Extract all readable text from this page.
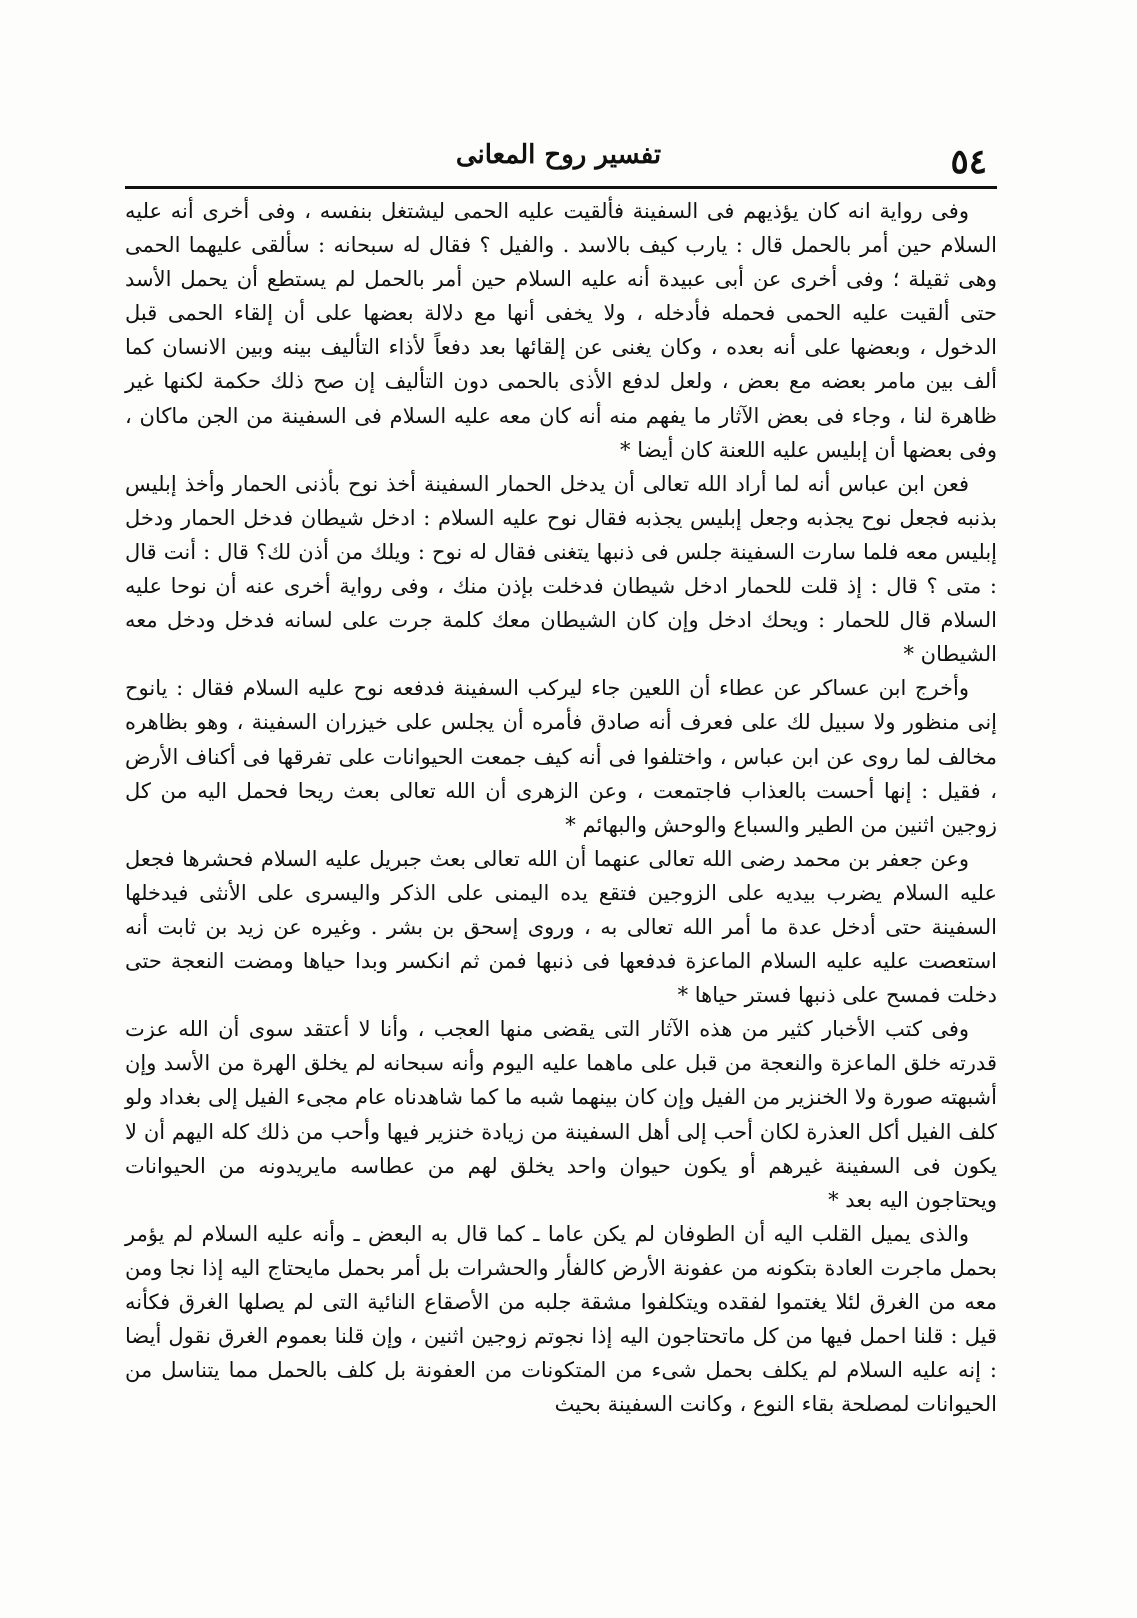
٥٤
تفسير روح المعانى

وفى رواية انه كان يؤذيهم فى السفينة فألقيت عليه الحمى ليشتغل بنفسه ، وفى أخرى أنه عليه السلام حين أمر بالحمل قال : يارب كيف بالاسد . والفيل ؟ فقال له سبحانه : سألقى عليهما الحمى وهى ثقيلة ؛ وفى أخرى عن أبى عبيدة أنه عليه السلام حين أمر بالحمل لم يستطع أن يحمل الأسد حتى ألقيت عليه الحمى فحمله فأدخله ، ولا يخفى أنها مع دلالة بعضها على أن إلقاء الحمى قبل الدخول ، وبعضها على أنه بعده ، وكان يغنى عن إلقائها بعد دفعاً لأذاء التأليف بينه وبين الانسان كما ألف بين مامر بعضه مع بعض ، ولعل لدفع الأذى بالحمى دون التأليف إن صح ذلك حكمة لكنها غير ظاهرة لنا ، وجاء فى بعض الآثار ما يفهم منه أنه كان معه عليه السلام فى السفينة من الجن ماكان ، وفى بعضها أن إبليس عليه اللعنة كان أيضا *

فعن ابن عباس أنه لما أراد الله تعالى أن يدخل الحمار السفينة أخذ نوح بأذنى الحمار وأخذ إبليس بذنبه فجعل نوح يجذبه وجعل إبليس يجذبه فقال نوح عليه السلام : ادخل شيطان فدخل الحمار ودخل إبليس معه فلما سارت السفينة جلس فى ذنبها يتغنى فقال له نوح : ويلك من أذن لك؟ قال : أنت قال : متى ؟ قال : إذ قلت للحمار ادخل شيطان فدخلت بإذن منك ، وفى رواية أخرى عنه أن نوحا عليه السلام قال للحمار : ويحك ادخل وإن كان الشيطان معك كلمة جرت على لسانه فدخل ودخل معه الشيطان *

وأخرج ابن عساكر عن عطاء أن اللعين جاء ليركب السفينة فدفعه نوح عليه السلام فقال : يانوح إنى منظور ولا سبيل لك على فعرف أنه صادق فأمره أن يجلس على خيزران السفينة ، وهو بظاهره مخالف لما روى عن ابن عباس ، واختلفوا فى أنه كيف جمعت الحيوانات على تفرقها فى أكناف الأرض ، فقيل : إنها أحست بالعذاب فاجتمعت ، وعن الزهرى أن الله تعالى بعث ريحا فحمل اليه من كل زوجين اثنين من الطير والسباع والوحش والبهائم *

وعن جعفر بن محمد رضى الله تعالى عنهما أن الله تعالى بعث جبريل عليه السلام فحشرها فجعل عليه السلام يضرب بيديه على الزوجين فتقع يده اليمنى على الذكر واليسرى على الأنثى فيدخلها السفينة حتى أدخل عدة ما أمر الله تعالى به ، وروى إسحق بن بشر . وغيره عن زيد بن ثابت أنه استعصت عليه عليه السلام الماعزة فدفعها فى ذنبها فمن ثم انكسر وبدا حياها ومضت النعجة حتى دخلت فمسح على ذنبها فستر حياها *

وفى كتب الأخبار كثير من هذه الآثار التى يقضى منها العجب ، وأنا لا أعتقد سوى أن الله عزت قدرته خلق الماعزة والنعجة من قبل على ماهما عليه اليوم وأنه سبحانه لم يخلق الهرة من الأسد وإن أشبهته صورة ولا الخنزير من الفيل وإن كان بينهما شبه ما كما شاهدناه عام مجىء الفيل إلى بغداد ولو كلف الفيل أكل العذرة لكان أحب إلى أهل السفينة من زيادة خنزير فيها وأحب من ذلك كله اليهم أن لا يكون فى السفينة غيرهم أو يكون حيوان واحد يخلق لهم من عطاسه مايريدونه من الحيوانات ويحتاجون اليه بعد *

والذى يميل القلب اليه أن الطوفان لم يكن عاما ـ كما قال به البعض ـ وأنه عليه السلام لم يؤمر بحمل ماجرت العادة بتكونه من عفونة الأرض كالفأر والحشرات بل أمر بحمل مايحتاج اليه إذا نجا ومن معه من الغرق لئلا يغتموا لفقده ويتكلفوا مشقة جلبه من الأصقاع النائية التى لم يصلها الغرق فكأنه قيل : قلنا احمل فيها من كل ماتحتاجون اليه إذا نجوتم زوجين اثنين ، وإن قلنا بعموم الغرق نقول أيضا : إنه عليه السلام لم يكلف بحمل شىء من المتكونات من العفونة بل كلف بالحمل مما يتناسل من الحيوانات لمصلحة بقاء النوع ، وكانت السفينة بحيث
